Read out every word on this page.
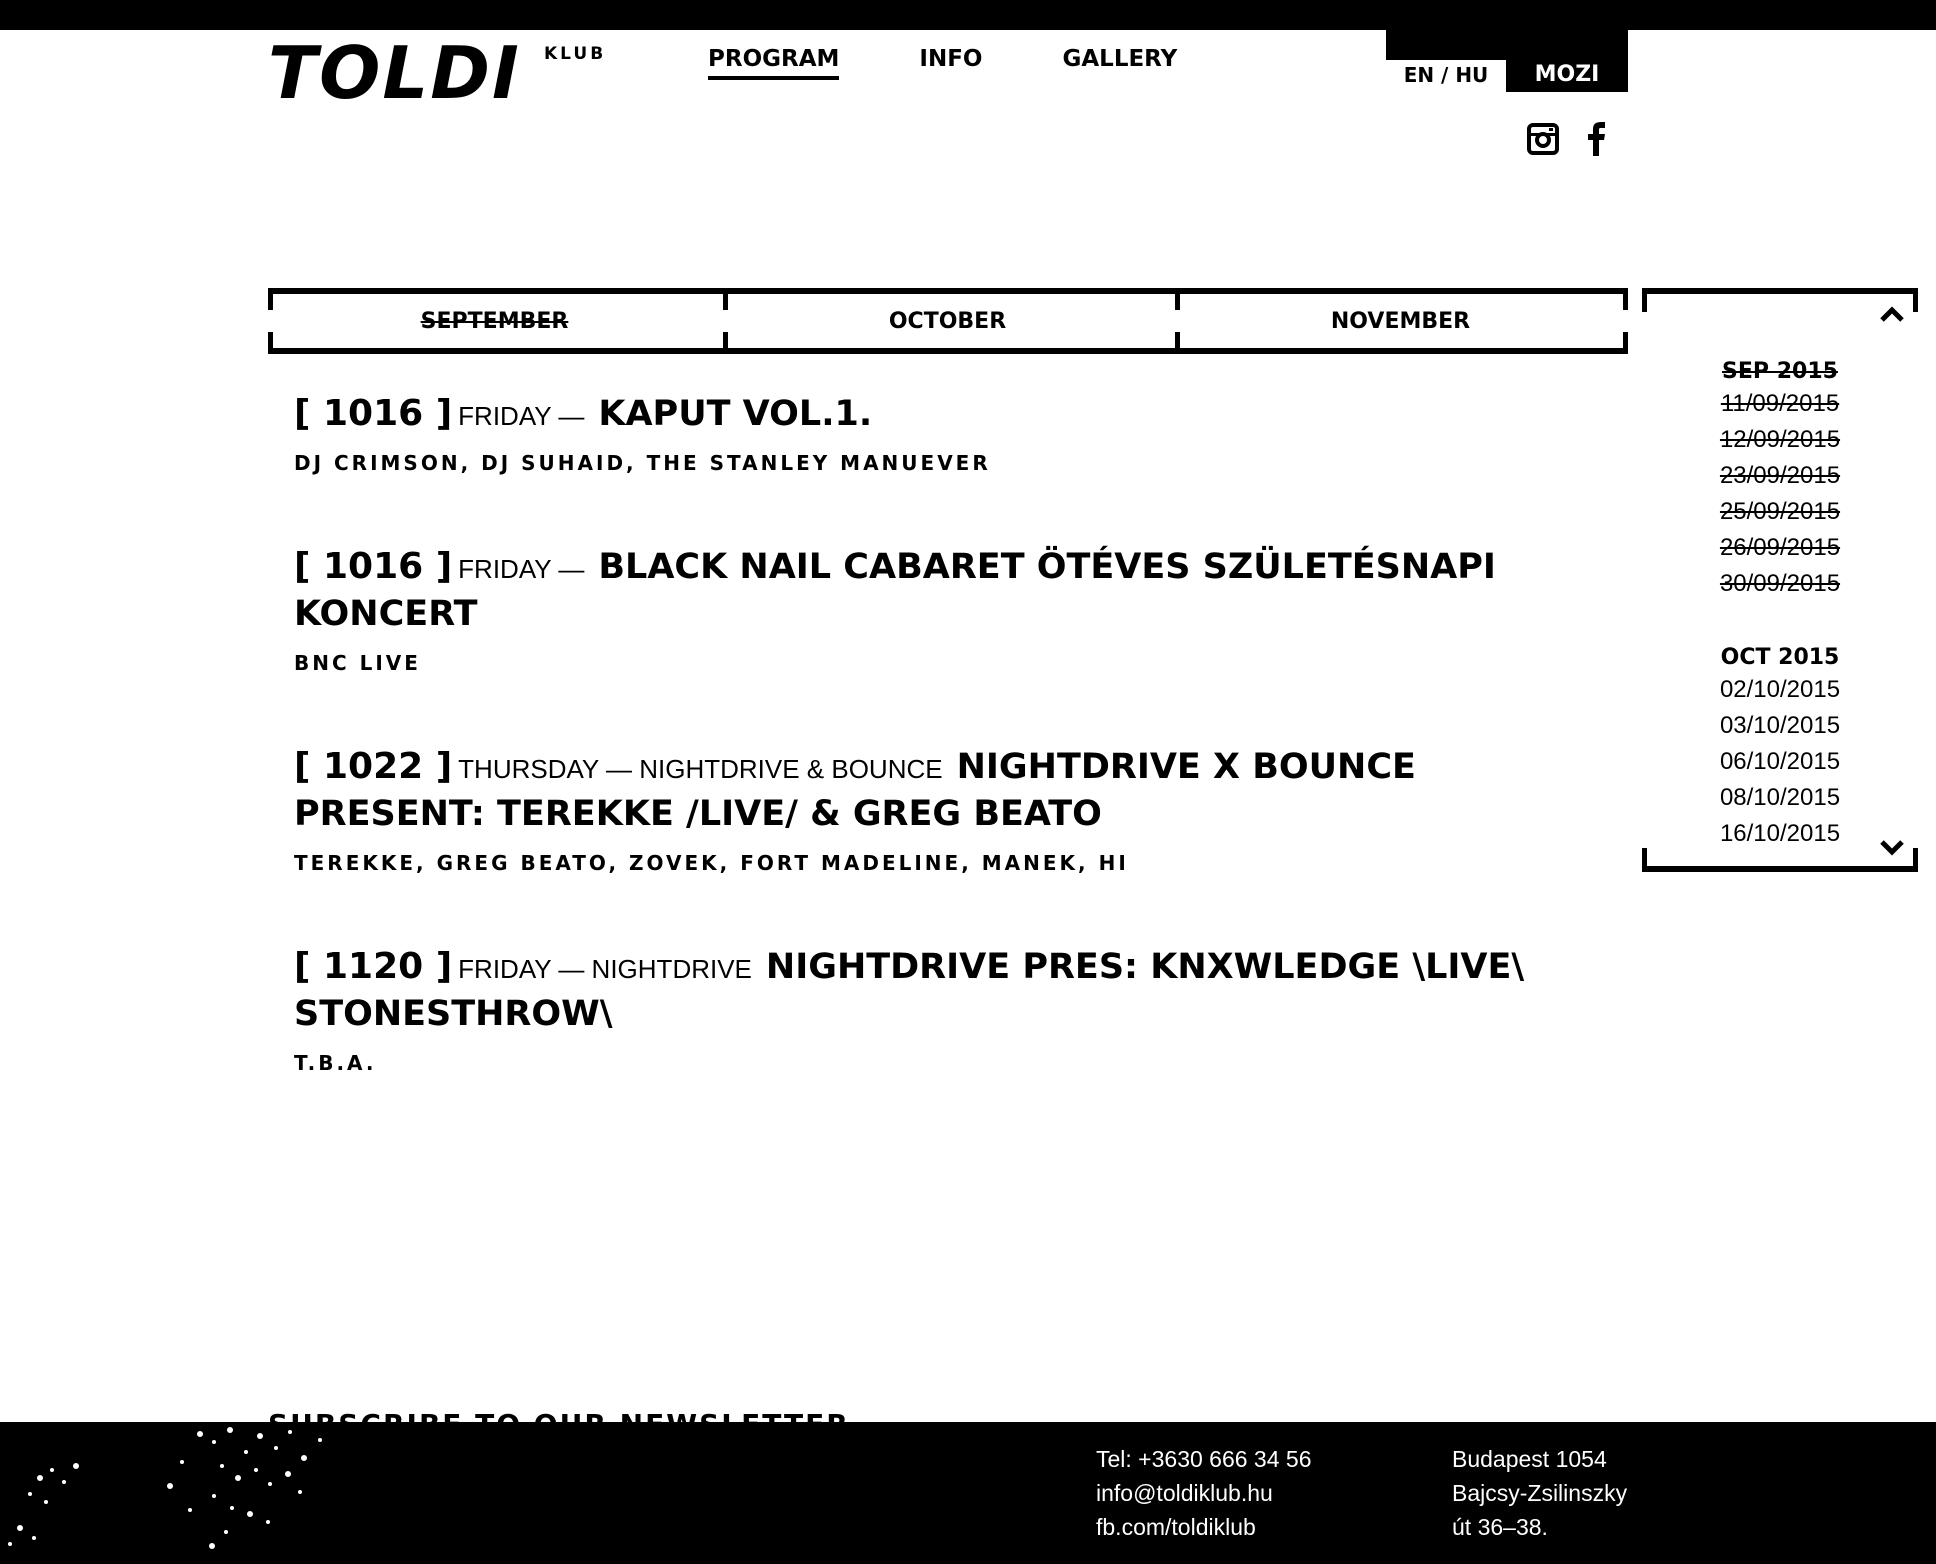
TOLDI KLUB	PROGRAM	INFO	GALLERY
EN / HU	MOZI
SEPTEMBER	OCTOBER	NOVEMBER
SEP 2015
11/09/2015
12/09/2015
23/09/2015
25/09/2015
26/09/2015
30/09/2015
OCT 2015
02/10/2015
03/10/2015
06/10/2015
08/10/2015
16/10/2015
[ 1016 ] FRIDAY — KAPUT VOL.1.
DJ CRIMSON, DJ SUHAID, THE STANLEY MANUEVER
[ 1016 ] FRIDAY — BLACK NAIL CABARET ÖTÉVES SZÜLETÉSNAPI KONCERT
BNC LIVE
[ 1022 ] THURSDAY — NIGHTDRIVE & BOUNCE NIGHTDRIVE X BOUNCE PRESENT: TEREKKE /LIVE/ & GREG BEATO
TEREKKE, GREG BEATO, ZOVEK, FORT MADELINE, MANEK, HI
[ 1120 ] FRIDAY — NIGHTDRIVE NIGHTDRIVE PRES: KNXWLEDGE \LIVE\ STONESTHROW\
T.B.A.
Tel: +3630 666 34 56
info@toldiklub.hu
fb.com/toldiklub
Budapest 1054
Bajcsy-Zsilinszky
út 36–38.
